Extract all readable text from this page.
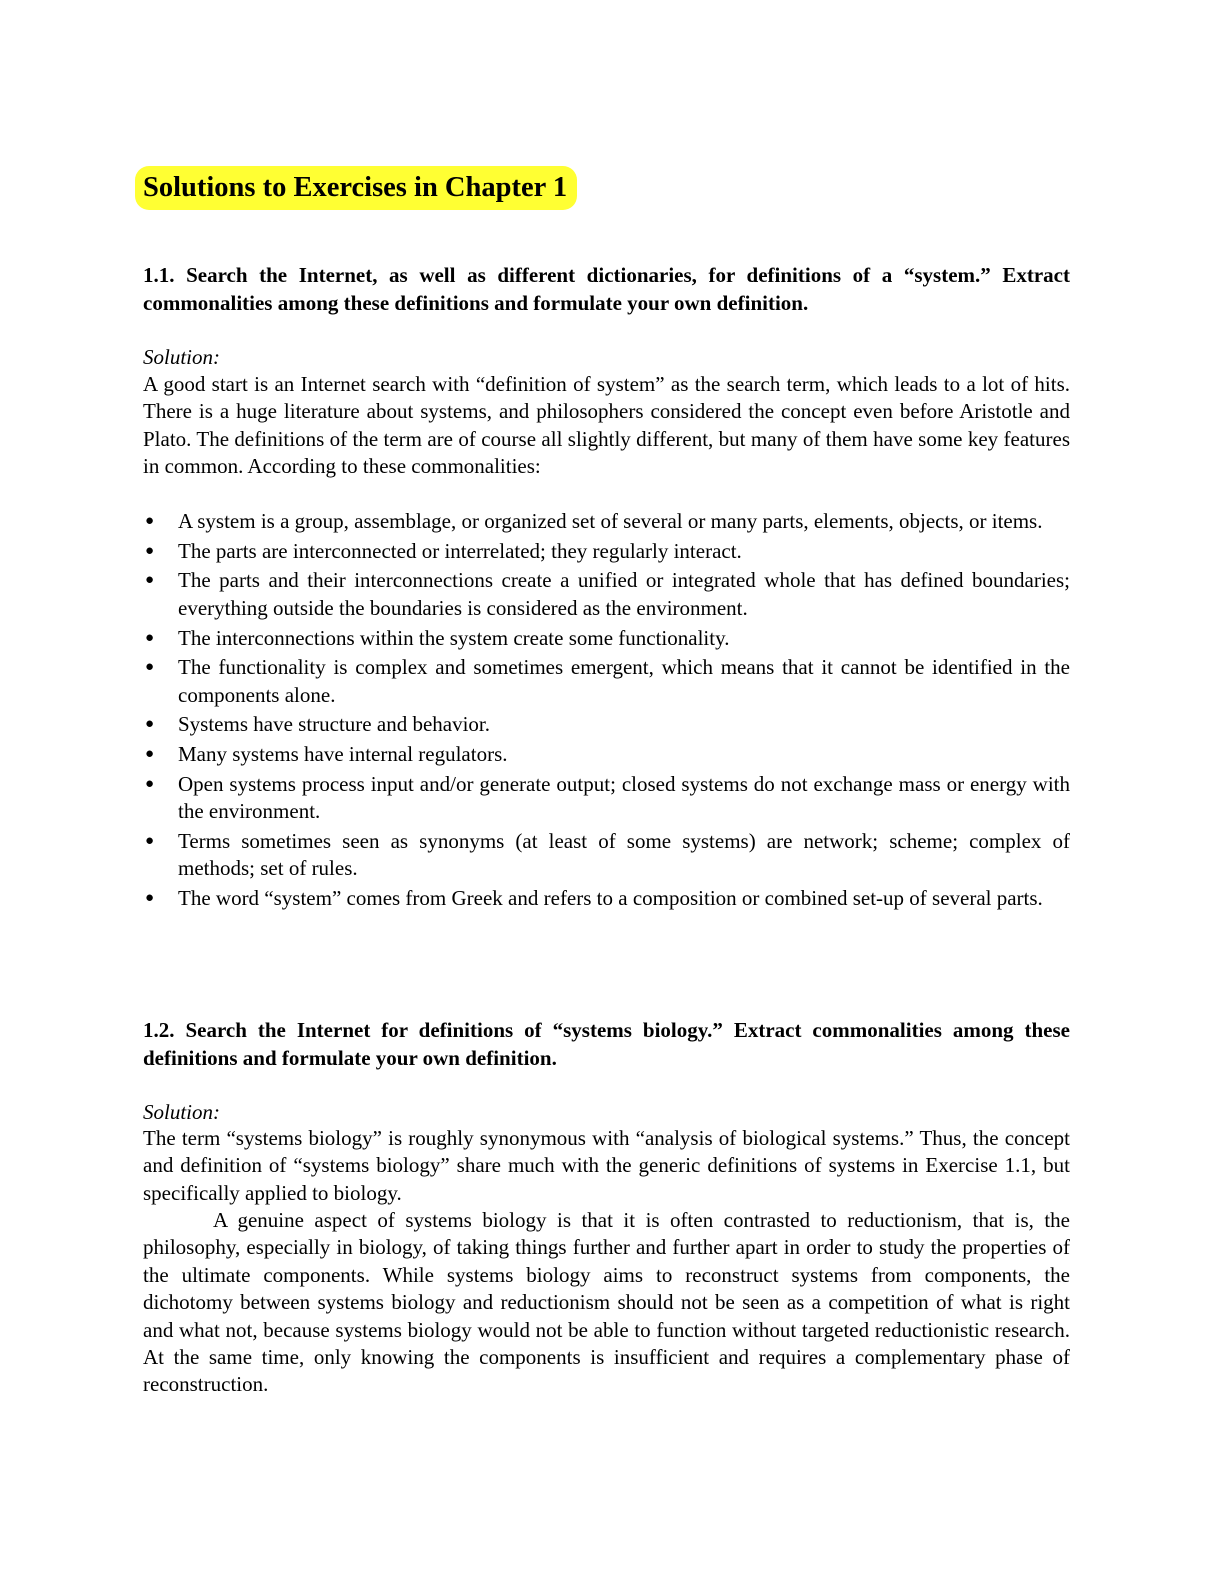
Solutions to Exercises in Chapter 1

1.1. Search the Internet, as well as different dictionaries, for definitions of a “system.” Extract commonalities among these definitions and formulate your own definition.

Solution:

A good start is an Internet search with “definition of system” as the search term, which leads to a lot of hits. There is a huge literature about systems, and philosophers considered the concept even before Aristotle and Plato. The definitions of the term are of course all slightly different, but many of them have some key features in common. According to these commonalities:

● A system is a group, assemblage, or organized set of several or many parts, elements, objects, or items.
● The parts are interconnected or interrelated; they regularly interact.
● The parts and their interconnections create a unified or integrated whole that has defined boundaries; everything outside the boundaries is considered as the environment.
● The interconnections within the system create some functionality.
● The functionality is complex and sometimes emergent, which means that it cannot be identified in the components alone.
● Systems have structure and behavior.
● Many systems have internal regulators.
● Open systems process input and/or generate output; closed systems do not exchange mass or energy with the environment.
● Terms sometimes seen as synonyms (at least of some systems) are network; scheme; complex of methods; set of rules.
● The word “system” comes from Greek and refers to a composition or combined set-up of several parts.

1.2. Search the Internet for definitions of “systems biology.” Extract commonalities among these definitions and formulate your own definition.

Solution:

The term “systems biology” is roughly synonymous with “analysis of biological systems.” Thus, the concept and definition of “systems biology” share much with the generic definitions of systems in Exercise 1.1, but specifically applied to biology.

A genuine aspect of systems biology is that it is often contrasted to reductionism, that is, the philosophy, especially in biology, of taking things further and further apart in order to study the properties of the ultimate components. While systems biology aims to reconstruct systems from components, the dichotomy between systems biology and reductionism should not be seen as a competition of what is right and what not, because systems biology would not be able to function without targeted reductionistic research. At the same time, only knowing the components is insufficient and requires a complementary phase of reconstruction.
